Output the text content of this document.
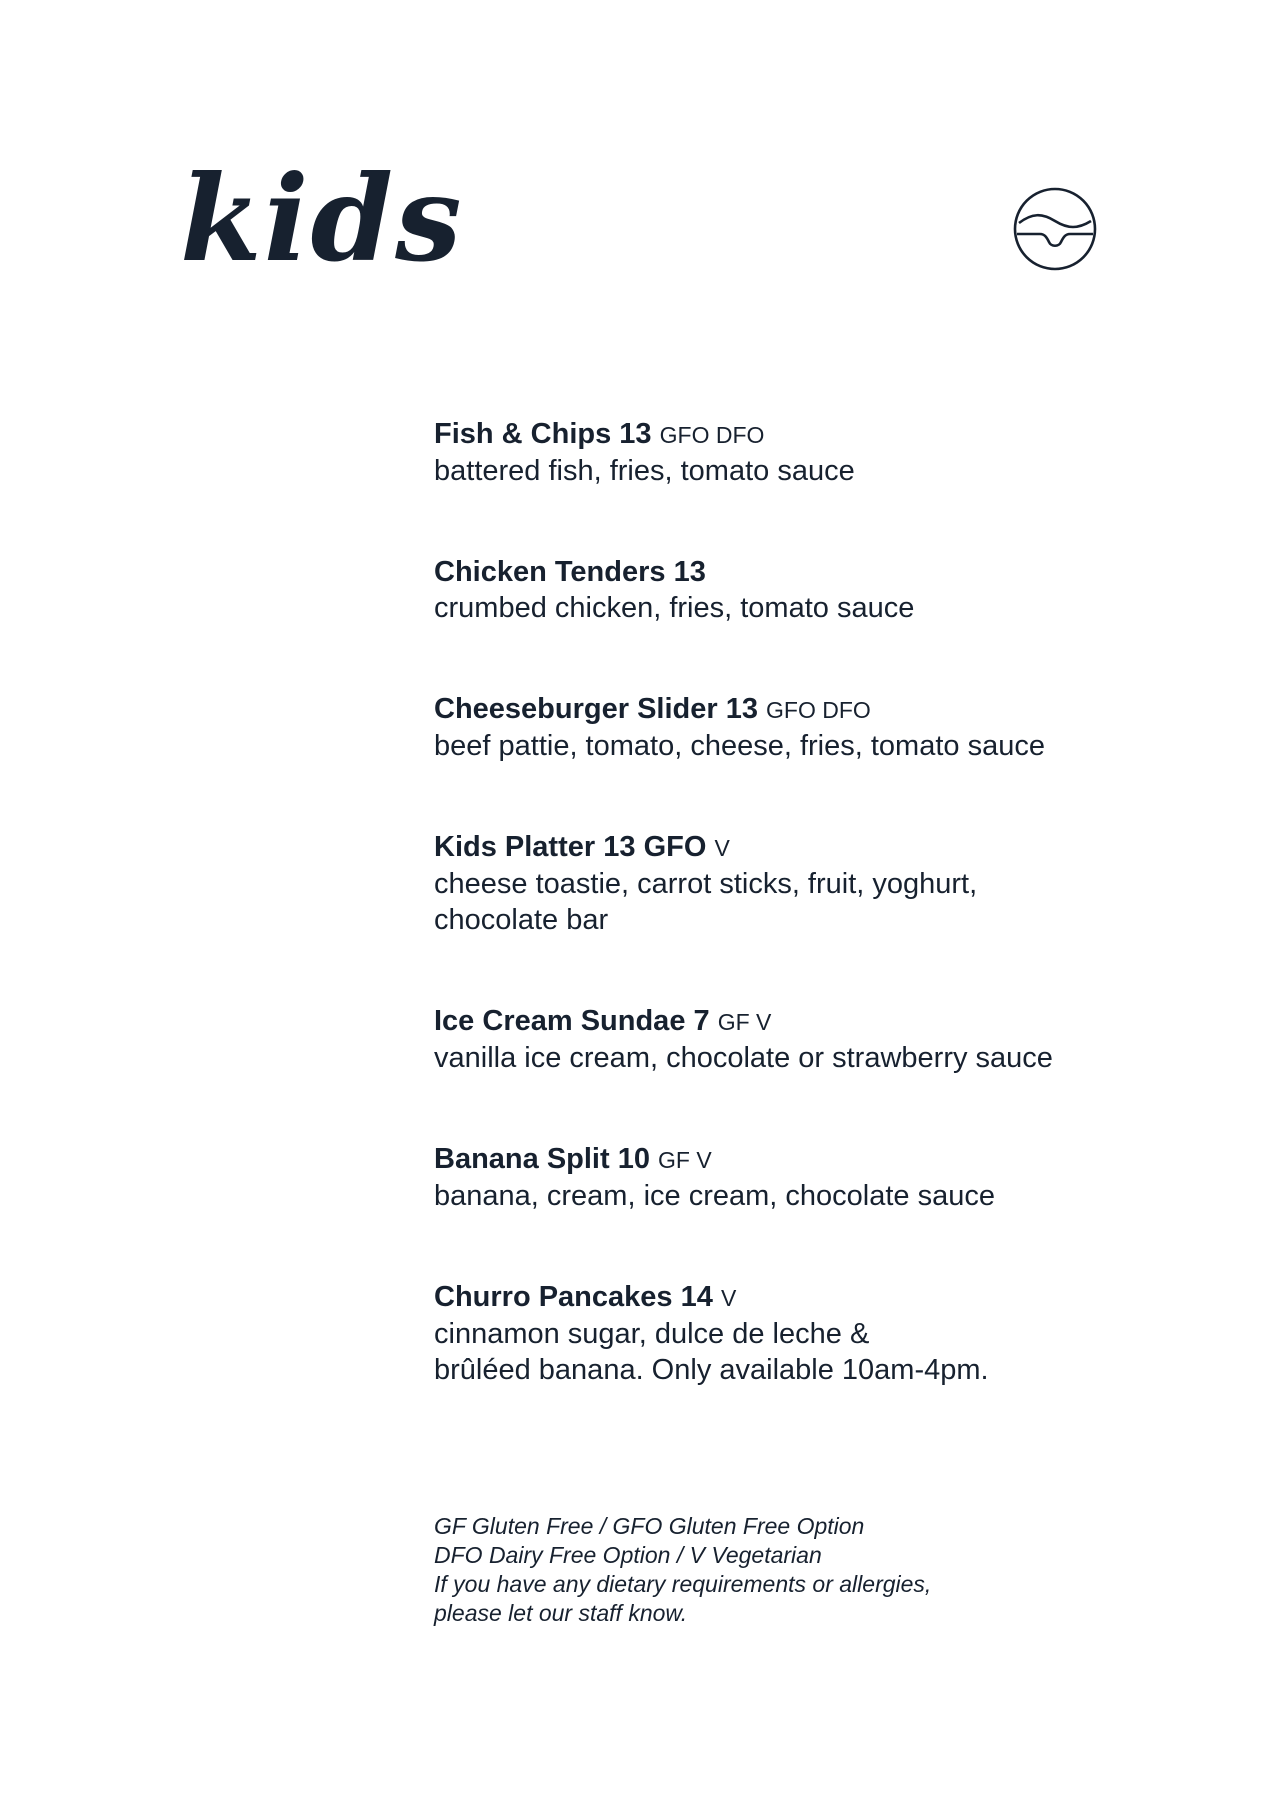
kids
Fish & Chips 13 GFO DFO
battered fish, fries, tomato sauce
Chicken Tenders 13
crumbed chicken, fries, tomato sauce
Cheeseburger Slider 13 GFO DFO
beef pattie, tomato, cheese, fries, tomato sauce
Kids Platter 13 GFO V
cheese toastie, carrot sticks, fruit, yoghurt,
chocolate bar
Ice Cream Sundae 7 GF V
vanilla ice cream, chocolate or strawberry sauce
Banana Split 10 GF V
banana, cream, ice cream, chocolate sauce
Churro Pancakes 14 V
cinnamon sugar, dulce de leche &
brûléed banana. Only available 10am-4pm.
GF Gluten Free / GFO Gluten Free Option
DFO Dairy Free Option / V Vegetarian
If you have any dietary requirements or allergies,
please let our staff know.
